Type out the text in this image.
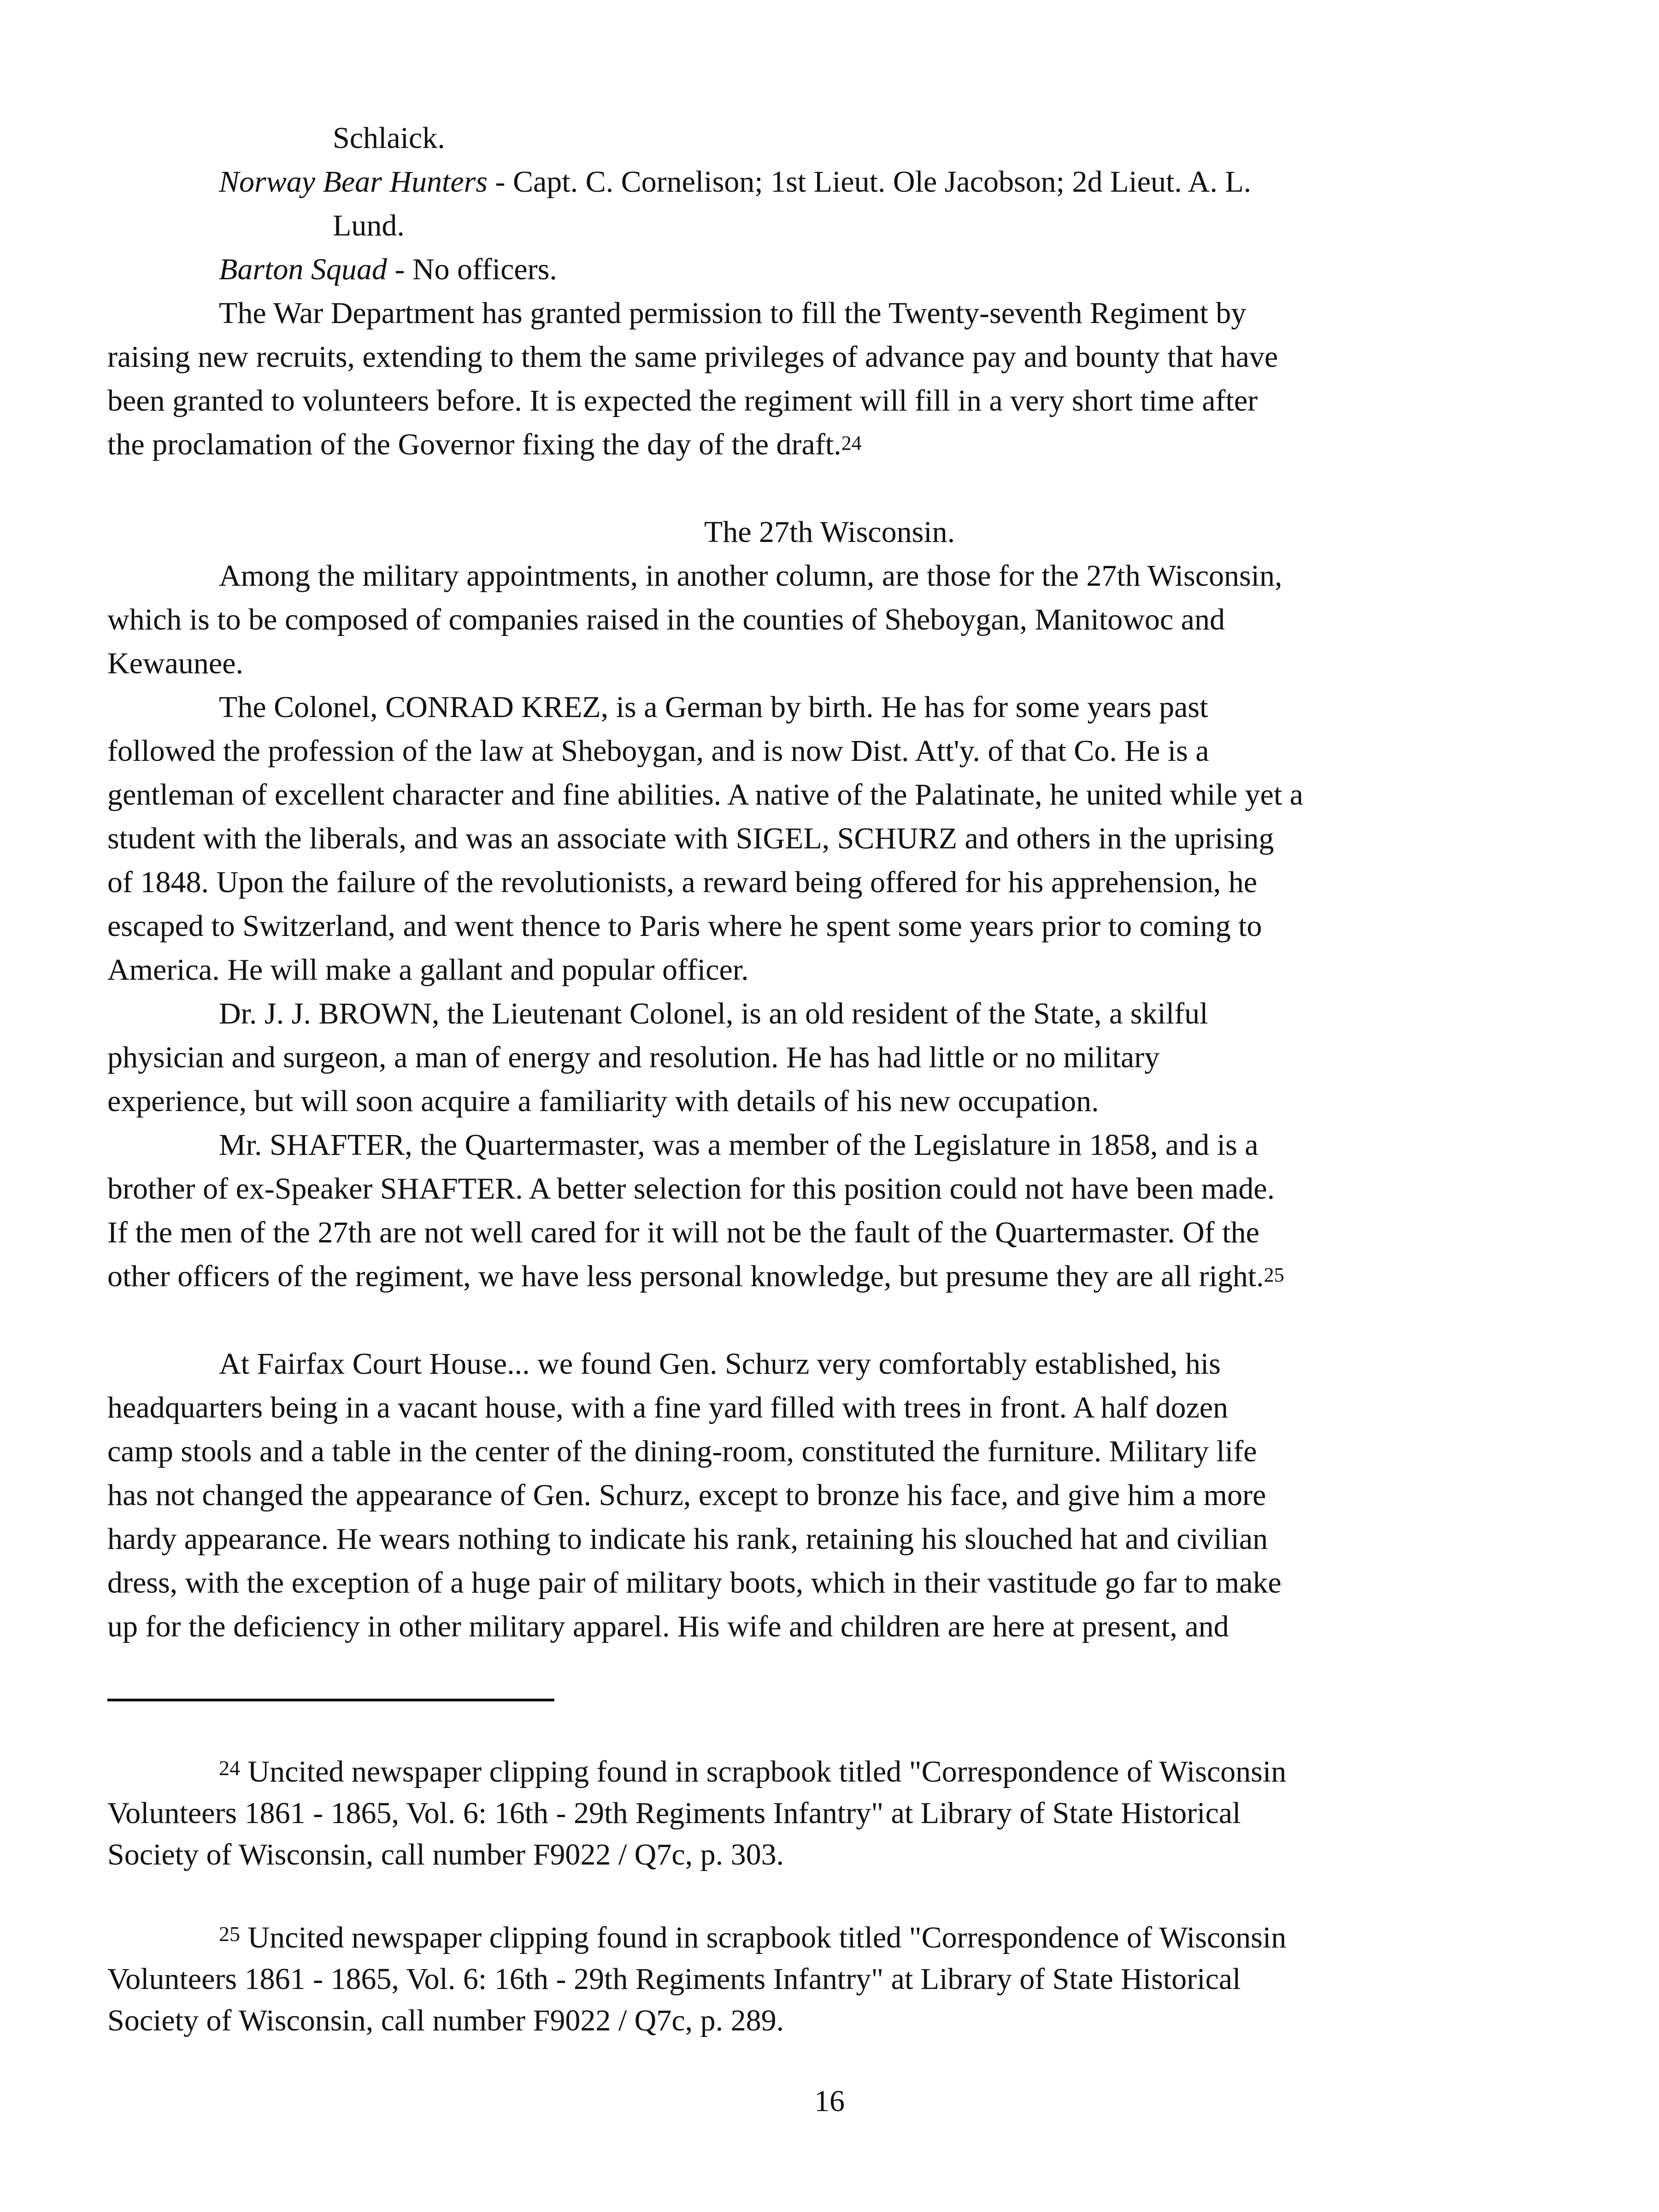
Schlaick.
Norway Bear Hunters - Capt. C. Cornelison; 1st Lieut. Ole Jacobson; 2d Lieut. A. L.
Lund.
Barton Squad - No officers.
The War Department has granted permission to fill the Twenty-seventh Regiment by
raising new recruits, extending to them the same privileges of advance pay and bounty that have
been granted to volunteers before. It is expected the regiment will fill in a very short time after
the proclamation of the Governor fixing the day of the draft.$^{24}$
The 27th Wisconsin.
Among the military appointments, in another column, are those for the 27th Wisconsin,
which is to be composed of companies raised in the counties of Sheboygan, Manitowoc and
Kewaunee.
The Colonel, CONRAD KREZ, is a German by birth. He has for some years past
followed the profession of the law at Sheboygan, and is now Dist. Att'y. of that Co. He is a
gentleman of excellent character and fine abilities. A native of the Palatinate, he united while yet a
student with the liberals, and was an associate with SIGEL, SCHURZ and others in the uprising
of 1848. Upon the failure of the revolutionists, a reward being offered for his apprehension, he
escaped to Switzerland, and went thence to Paris where he spent some years prior to coming to
America. He will make a gallant and popular officer.
Dr. J. J. BROWN, the Lieutenant Colonel, is an old resident of the State, a skilful
physician and surgeon, a man of energy and resolution. He has had little or no military
experience, but will soon acquire a familiarity with details of his new occupation.
Mr. SHAFTER, the Quartermaster, was a member of the Legislature in 1858, and is a
brother of ex-Speaker SHAFTER. A better selection for this position could not have been made.
If the men of the 27th are not well cared for it will not be the fault of the Quartermaster. Of the
other officers of the regiment, we have less personal knowledge, but presume they are all right.$^{25}$
At Fairfax Court House... we found Gen. Schurz very comfortably established, his
headquarters being in a vacant house, with a fine yard filled with trees in front. A half dozen
camp stools and a table in the center of the dining-room, constituted the furniture. Military life
has not changed the appearance of Gen. Schurz, except to bronze his face, and give him a more
hardy appearance. He wears nothing to indicate his rank, retaining his slouched hat and civilian
dress, with the exception of a huge pair of military boots, which in their vastitude go far to make
up for the deficiency in other military apparel. His wife and children are here at present, and
$^{24}$ Uncited newspaper clipping found in scrapbook titled "Correspondence of Wisconsin
Volunteers 1861 - 1865, Vol. 6: 16th - 29th Regiments Infantry" at Library of State Historical
Society of Wisconsin, call number F9022 / Q7c, p. 303.
$^{25}$ Uncited newspaper clipping found in scrapbook titled "Correspondence of Wisconsin
Volunteers 1861 - 1865, Vol. 6: 16th - 29th Regiments Infantry" at Library of State Historical
Society of Wisconsin, call number F9022 / Q7c, p. 289.
16
